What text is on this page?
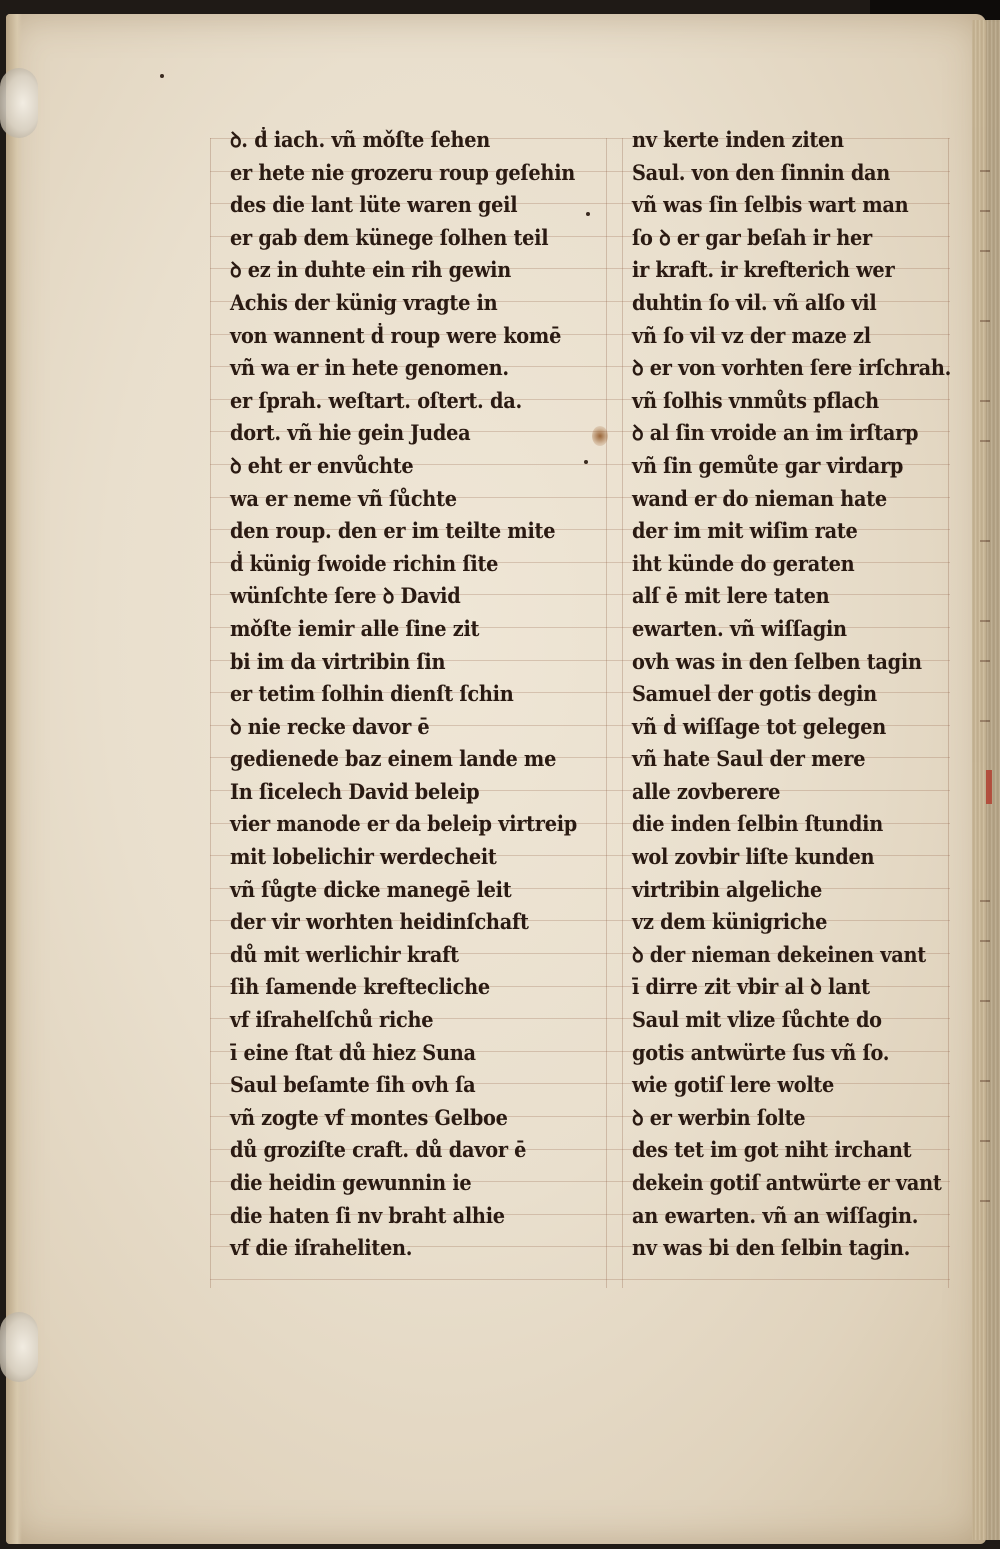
ꝺ. ḋ iach. vñ mǒſte ſehen
er hete nie grozeru roup geſehin
des die lant lüte waren geil
er gab dem künege ſolhen teil
ꝺ ez in duhte ein rih gewin
Achis der künig vragte in
von wannent ḋ roup were komē
vñ wa er in hete genomen.
er ſprah. weſtart. oſtert. da.
dort. vñ hie gein Judea
ꝺ eht er envůchte
wa er neme vñ ſůchte
den roup. den er im teilte mite
ḋ künig ſwoide richin ſite
wünſchte ſere ꝺ David
mǒſte iemir alle ſine zit
bi im da virtribin ſin
er tetim ſolhin dienſt ſchin
ꝺ nie recke davor ē
gedienede baz einem lande me
In ſicelech David beleip
vier manode er da beleip virtreip
mit lobelichir werdecheit
vñ ſůgte dicke manegē leit
der vir worhten heidinſchaft
dů mit werlichir kraft
ſih ſamende kreftecliche
vf iſrahelſchů riche
ī eine ſtat dů hiez Suna
Saul beſamte ſih ovh ſa
vñ zogte vf montes Gelboe
dů groziſte craft. dů davor ē
die heidin gewunnin ie
die haten ſi nv braht alhie
vf die iſraheliten.
nv kerte inden ziten
Saul. von den ſinnin dan
vñ was ſin ſelbis wart man
ſo ꝺ er gar beſah ir her
ir kraft. ir krefterich wer
duhtin ſo vil. vñ alſo vil
vñ ſo vil vz der maze zl
ꝺ er von vorhten ſere irſchrah.
vñ ſolhis vnmůts pflach
ꝺ al ſin vroide an im irſtarp
vñ ſin gemůte gar virdarp
wand er do nieman hate
der im mit wiſim rate
iht künde do geraten
alſ ē mit lere taten
ewarten. vñ wiſſagin
ovh was in den ſelben tagin
Samuel der gotis degin
vñ ḋ wiſſage tot gelegen
vñ hate Saul der mere
alle zovberere
die inden ſelbin ſtundin
wol zovbir liſte kunden
virtribin algeliche
vz dem künigriche
ꝺ der nieman dekeinen vant
ī dirre zit vbir al ꝺ lant
Saul mit vlize ſůchte do
gotis antwürte ſus vñ ſo.
wie gotiſ lere wolte
ꝺ er werbin ſolte
des tet im got niht irchant
dekein gotiſ antwürte er vant
an ewarten. vñ an wiſſagin.
nv was bi den ſelbin tagin.
